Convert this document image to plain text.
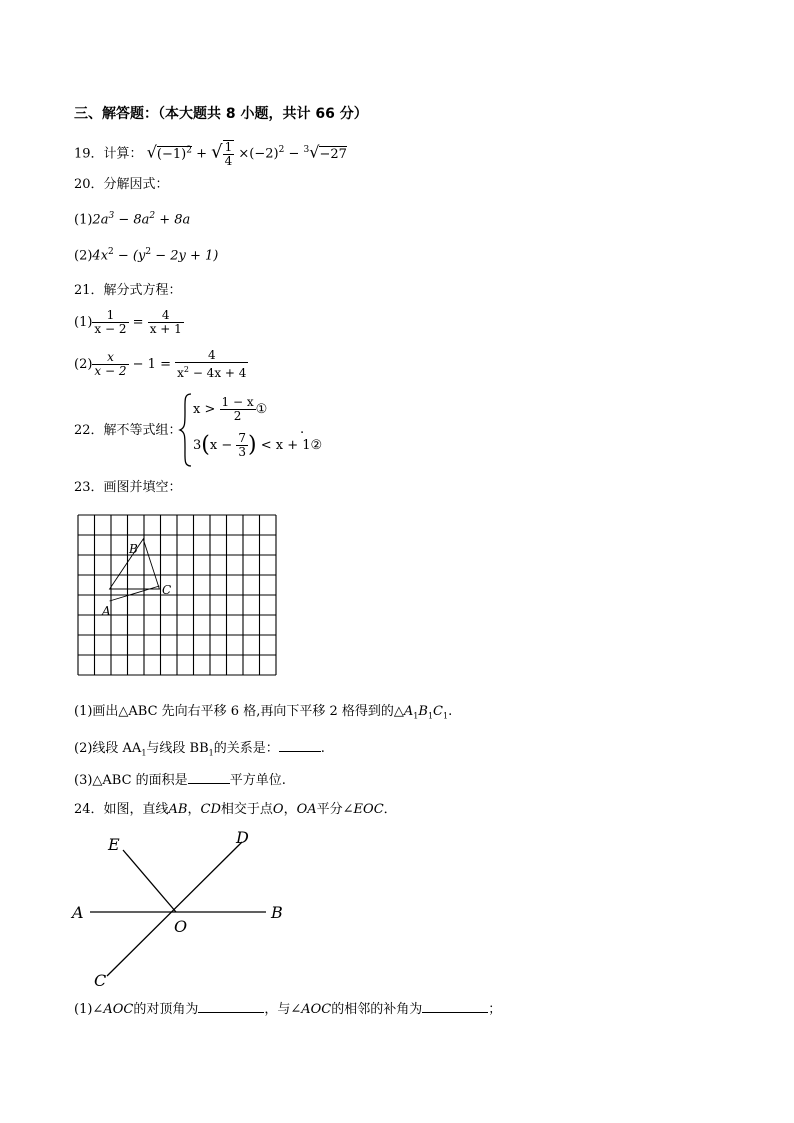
三、解答题：（本大题共 8 小题，共计 66 分）
19．计算： $√(-1)^2$ + √ $\frac{1}{4} \times(-2)^2 - ^3√-27$
20．分解因式：
$(1)2a^3 - 8a^2 + 8a$
$(2)4x^2 - (y^2 - 2y + 1)$
21．解分式方程：
$(1) \frac{1}{x - 2} = \frac{4}{x + 1}$
$(2) \frac{x}{x - 2} - 1 = \frac{4}{x^2 - 4x + 4}$
22．解不等式组：
$x > \frac{1 - x}{2}$ ①
$3(x - \frac{7}{3}$ ) < x + 1②
.
23．画图并填空：
A
B
C
(1)画出△ABC 先向右平移 6 格,再向下平移 2 格得到的$\triangle A_1B_1C_1$.
(2)线段 $AA_1$与线段 $BB_1$的关系是：	.
(3)△ABC 的面积是	平方单位.
24．如图，直线AB，CD相交于点O，OA平分∠EOC．
E	D
A	B
O
C
(1)∠AOC的对顶角为	，与∠AOC的相邻的补角为	；
